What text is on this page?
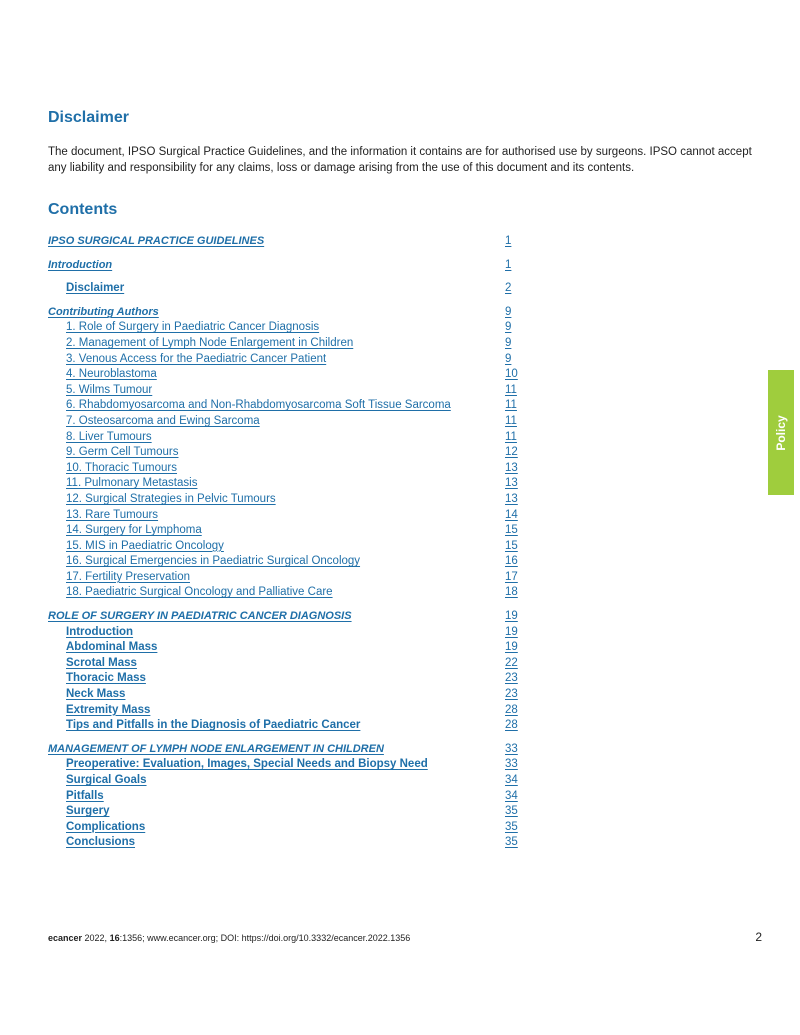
Disclaimer

The document, IPSO Surgical Practice Guidelines, and the information it contains are for authorised use by surgeons. IPSO cannot accept any liability and responsibility for any claims, loss or damage arising from the use of this document and its contents.

Contents
IPSO SURGICAL PRACTICE GUIDELINES	1
Introduction	1
Disclaimer	2
Contributing Authors	9
1. Role of Surgery in Paediatric Cancer Diagnosis	9
2. Management of Lymph Node Enlargement in Children	9
3. Venous Access for the Paediatric Cancer Patient	9
4. Neuroblastoma	10
5. Wilms Tumour	11
6. Rhabdomyosarcoma and Non-Rhabdomyosarcoma Soft Tissue Sarcoma	11
7. Osteosarcoma and Ewing Sarcoma	11
8. Liver Tumours	11
9. Germ Cell Tumours	12
10. Thoracic Tumours	13
11. Pulmonary Metastasis	13
12. Surgical Strategies in Pelvic Tumours	13
13. Rare Tumours	14
14. Surgery for Lymphoma	15
15. MIS in Paediatric Oncology	15
16. Surgical Emergencies in Paediatric Surgical Oncology	16
17. Fertility Preservation	17
18. Paediatric Surgical Oncology and Palliative Care	18
ROLE OF SURGERY IN PAEDIATRIC CANCER DIAGNOSIS	19
Introduction	19
Abdominal Mass	19
Scrotal Mass	22
Thoracic Mass	23
Neck Mass	23
Extremity Mass	28
Tips and Pitfalls in the Diagnosis of Paediatric Cancer	28
MANAGEMENT OF LYMPH NODE ENLARGEMENT IN CHILDREN	33
Preoperative: Evaluation, Images, Special Needs and Biopsy Need	33
Surgical Goals	34
Pitfalls	34
Surgery	35
Complications	35
Conclusions	35
Policy
ecancer 2022, 16:1356; www.ecancer.org; DOI: https://doi.org/10.3332/ecancer.2022.1356	2
